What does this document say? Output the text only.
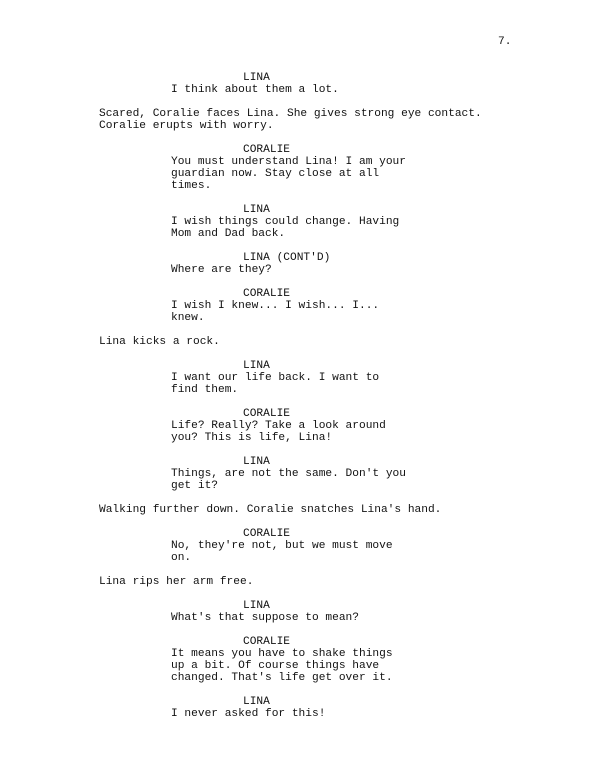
7.
LINA
I think about them a lot.
Scared, Coralie faces Lina. She gives strong eye contact.
Coralie erupts with worry.
CORALIE
You must understand Lina! I am your
guardian now. Stay close at all
times.
LINA
I wish things could change. Having
Mom and Dad back.
LINA (CONT'D)
Where are they?
CORALIE
I wish I knew... I wish... I...
knew.
Lina kicks a rock.
LINA
I want our life back. I want to
find them.
CORALIE
Life? Really? Take a look around
you? This is life, Lina!
LINA
Things, are not the same. Don't you
get it?
Walking further down. Coralie snatches Lina's hand.
CORALIE
No, they're not, but we must move
on.
Lina rips her arm free.
LINA
What's that suppose to mean?
CORALIE
It means you have to shake things
up a bit. Of course things have
changed. That's life get over it.
LINA
I never asked for this!
